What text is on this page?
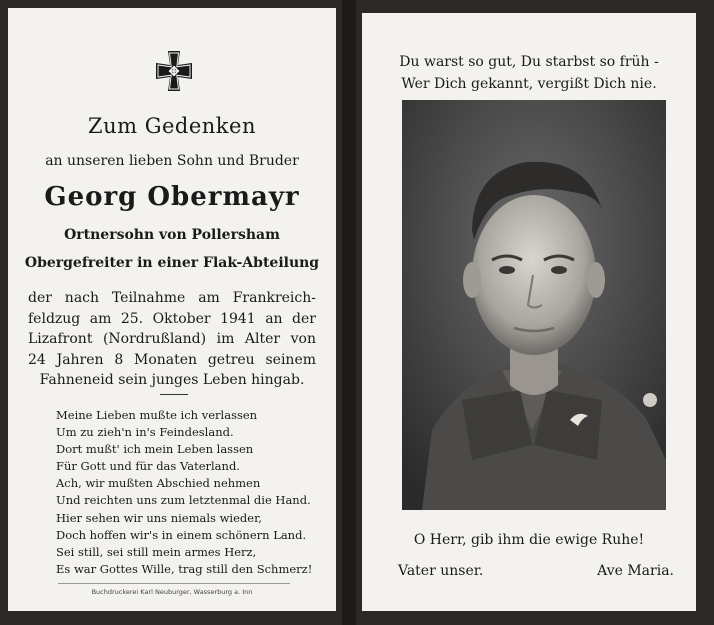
1939
Zum Gedenken
an unseren lieben Sohn und Bruder
Georg Obermayr
Ortnersohn von Pollersham
Obergefreiter in einer Flak-Abteilung
der nach Teilnahme am Frankreich-
feldzug am 25. Oktober 1941 an der
Lizafront (Nordrußland) im Alter von
24 Jahren 8 Monaten getreu seinem
Fahneneid sein junges Leben hingab.
Meine Lieben mußte ich verlassen
Um zu zieh'n in's Feindesland.
Dort mußt' ich mein Leben lassen
Für Gott und für das Vaterland.
Ach, wir mußten Abschied nehmen
Und reichten uns zum letztenmal die Hand.
Hier sehen wir uns niemals wieder,
Doch hoffen wir's in einem schönern Land.
Sei still, sei still mein armes Herz,
Es war Gottes Wille, trag still den Schmerz!
Buchdruckerei Karl Neuburger, Wasserburg a. Inn
Du warst so gut, Du starbst so früh -
Wer Dich gekannt, vergißt Dich nie.
O Herr, gib ihm die ewige Ruhe!
Vater unser.	Ave Maria.
